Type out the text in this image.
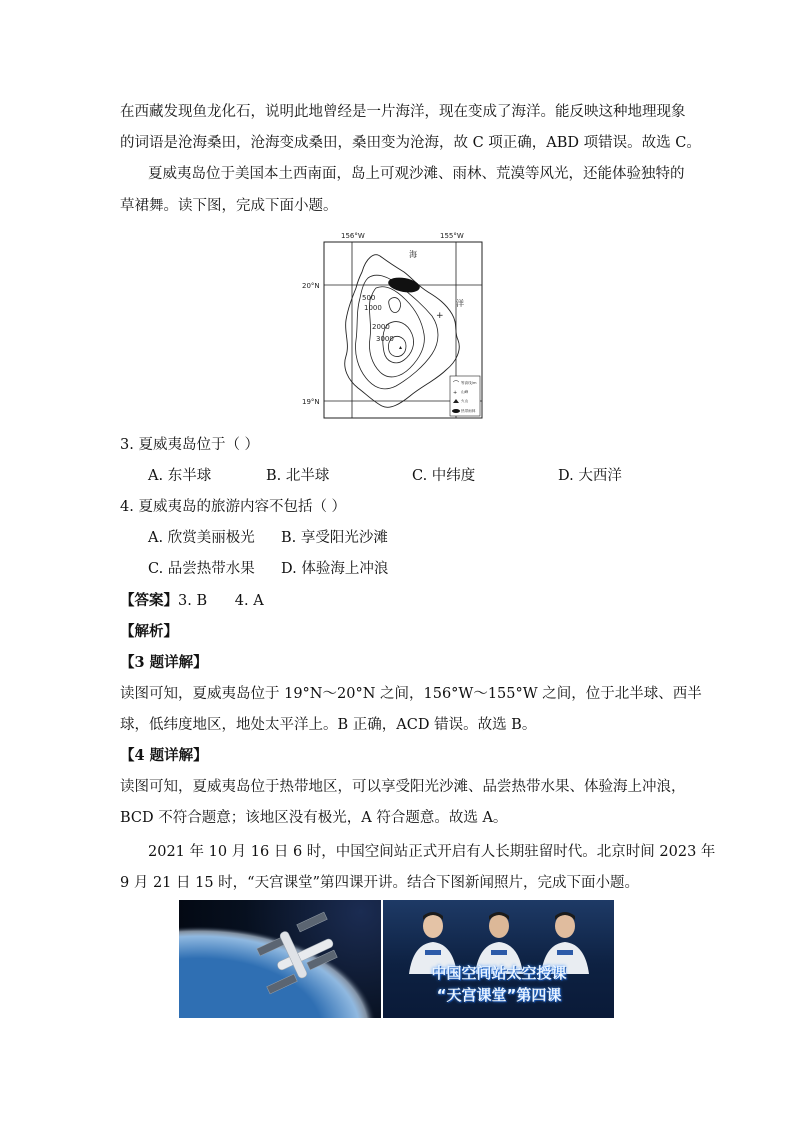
在西藏发现鱼龙化石，说明此地曾经是一片海洋，现在变成了海洋。能反映这种地理现象
的词语是沧海桑田，沧海变成桑田，桑田变为沧海，故 C 项正确，ABD 项错误。故选 C。
夏威夷岛位于美国本土西南面，岛上可观沙滩、雨林、荒漠等风光，还能体验独特的
草裙舞。读下图，完成下面小题。
156°W	155°W
20°N
19°N
海
洋
500
1000
2000
3000
▴
+
等高线/m
+ 山峰
火山
热带雨林
3. 夏威夷岛位于（ ）
A. 东半球	B. 北半球	C. 中纬度	D. 大西洋
4. 夏威夷岛的旅游内容不包括（ ）
A. 欣赏美丽极光 B. 享受阳光沙滩
C. 品尝热带水果 D. 体验海上冲浪
【答案】3. B      4. A
【解析】
【3 题详解】
读图可知，夏威夷岛位于 19°N～20°N 之间，156°W～155°W 之间，位于北半球、西半
球，低纬度地区，地处太平洋上。B 正确，ACD 错误。故选 B。
【4 题详解】
读图可知，夏威夷岛位于热带地区，可以享受阳光沙滩、品尝热带水果、体验海上冲浪，
BCD 不符合题意；该地区没有极光，A 符合题意。故选 A。
2021 年 10 月 16 日 6 时，中国空间站正式开启有人长期驻留时代。北京时间 2023 年
9 月 21 日 15 时，“天宫课堂”第四课开讲。结合下图新闻照片，完成下面小题。
中国空间站太空授课
“天宫课堂”第四课
